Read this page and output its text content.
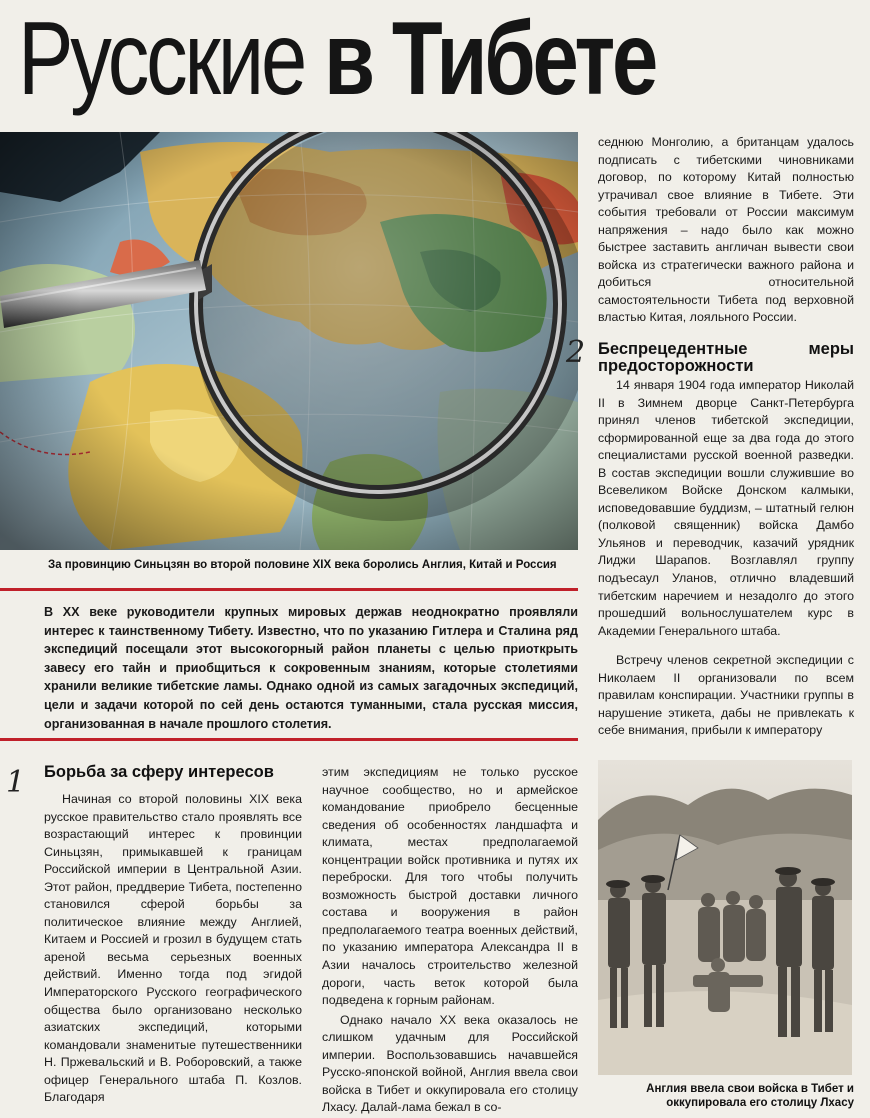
Русские в Тибете
За провинцию Синьцзян во второй половине XIX века боролись Англия, Китай и Россия
В XX веке руководители крупных мировых держав неоднократно проявляли интерес к таинственному Тибету. Известно, что по указанию Гитлера и Сталина ряд экспедиций посещали этот высокогорный район планеты с целью приоткрыть завесу его тайн и приобщиться к сокровенным знаниям, которые столетиями хранили великие тибетские ламы. Однако одной из самых загадочных экспедиций, цели и задачи которой по сей день остаются туманными, стала русская миссия, организованная в начале прошлого столетия.

седнюю Монголию, а британцам удалось подписать с тибетскими чиновниками договор, по которому Китай полностью утрачивал свое влияние в Тибете. Эти события требовали от России максимум напряжения – надо было как можно быстрее заставить англичан вывести свои войска из стратегически важного района и добиться относительной самостоятельности Тибета под верховной властью Китая, лояльного России.

Беспрецедентные меры предосторожности

14 января 1904 года император Николай II в Зимнем дворце Санкт-Петербурга принял членов тибетской экспедиции, сформированной еще за два года до этого специалистами русской военной разведки. В состав экспедиции вошли служившие во Всевеликом Войске Донском калмыки, исповедовавшие буддизм, – штатный гелюн (полковой священник) войска Дамбо Ульянов и переводчик, казачий урядник Лиджи Шарапов. Возглавлял группу подъесаул Уланов, отлично владевший тибетским наречием и незадолго до этого прошедший вольнослушателем курс в Академии Генерального штаба.

Встречу членов секретной экспедиции с Николаем II организовали по всем правилам конспирации. Участники группы в нарушение этикета, дабы не привлекать к себе внимания, прибыли к императору

2
Борьба за сферу интересов

Начиная со второй половины XIX века русское правительство стало проявлять все возрастающий интерес к провинции Синьцзян, примыкавшей к границам Российской империи в Центральной Азии. Этот район, преддверие Тибета, постепенно становился сферой борьбы за политическое влияние между Англией, Китаем и Россией и грозил в будущем стать ареной весьма серьезных военных действий. Именно тогда под эгидой Императорского Русского географического общества было организовано несколько азиатских экспедиций, которыми командовали знаменитые путешественники Н. Пржевальский и В. Роборовский, а также офицер Генерального штаба П. Козлов. Благодаря

1	этим экспедициям не только русское научное сообщество, но и армейское командование приобрело бесценные сведения об особенностях ландшафта и климата, местах предполагаемой концентрации войск противника и путях их переброски. Для того чтобы получить возможность быстрой доставки личного состава и вооружения в район предполагаемого театра военных действий, по указанию императора Александра II в Азии началось строительство железной дороги, часть веток которой была подведена к горным районам.

Однако начало XX века оказалось не слишком удачным для Российской империи. Воспользовавшись начавшейся Русско-японской войной, Англия ввела свои войска в Тибет и оккупировала его столицу Лхасу. Далай-лама бежал в со-

Англия ввела свои войска в Тибет и оккупировала его столицу Лхасу
